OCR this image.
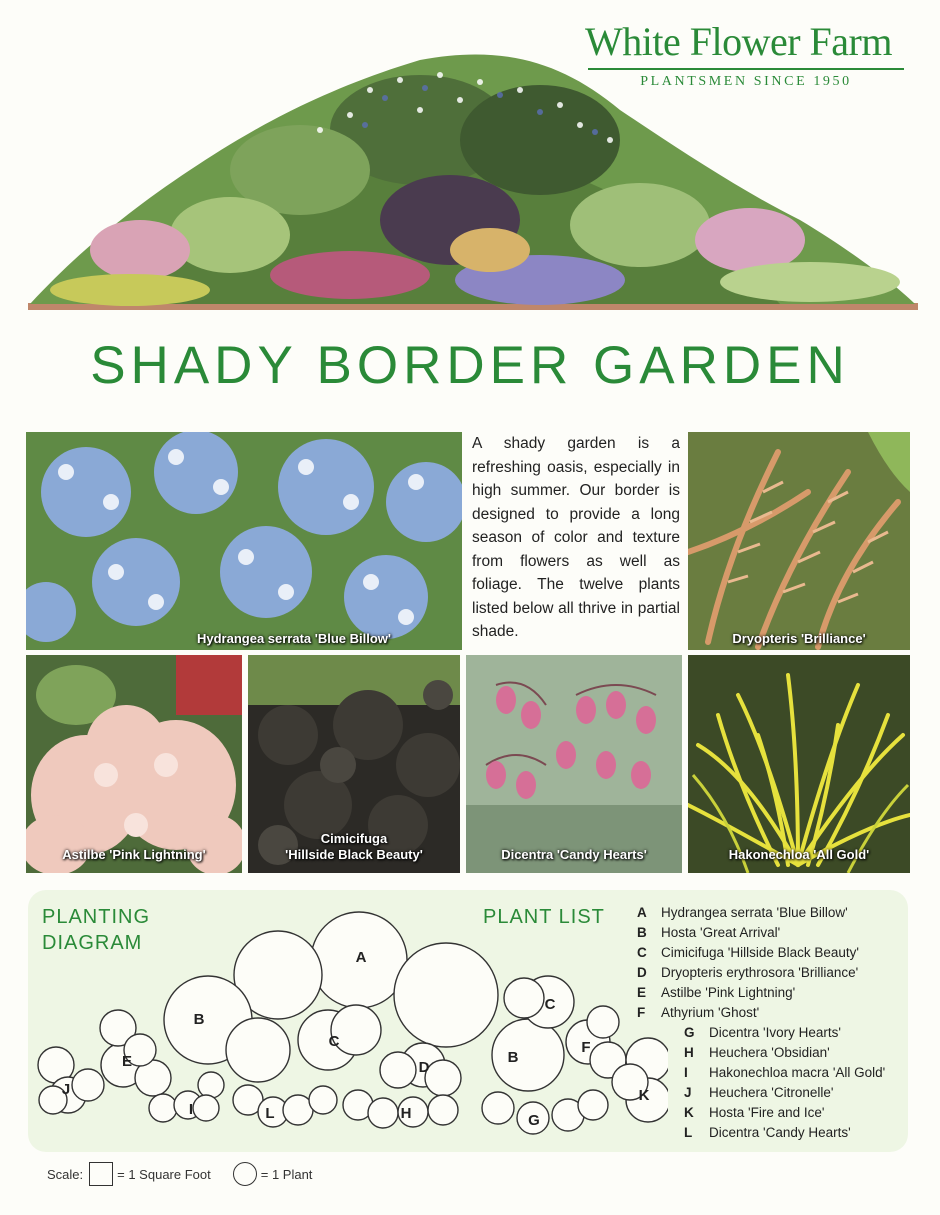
White Flower Farm
PLANTSMEN SINCE 1950
SHADY BORDER GARDEN
Hydrangea serrata 'Blue Billow'
A shady garden is a refreshing oasis, especially in high summer. Our border is designed to provide a long season of color and texture from flowers as well as foliage. The twelve plants listed below all thrive in partial shade.	Dryopteris 'Brilliance'
Astilbe 'Pink Lightning'
Cimicifuga
'Hillside Black Beauty'	Dicentra 'Candy Hearts'	Hakonechloa 'All Gold'
PLANTING
DIAGRAM
PLANT LIST
A
B
B
C
C
D
E
F
G
H
I
J	K
L
A	Hydrangea serrata 'Blue Billow'
B	Hosta 'Great Arrival'
C	Cimicifuga 'Hillside Black Beauty'
D	Dryopteris erythrosora 'Brilliance'
E	Astilbe 'Pink Lightning'
F	Athyrium 'Ghost'
G	Dicentra 'Ivory Hearts'
H	Heuchera 'Obsidian'
I	Hakonechloa macra 'All Gold'
J	Heuchera 'Citronelle'
K	Hosta 'Fire and Ice'
L	Dicentra 'Candy Hearts'
Scale:	= 1 Square Foot	= 1 Plant
